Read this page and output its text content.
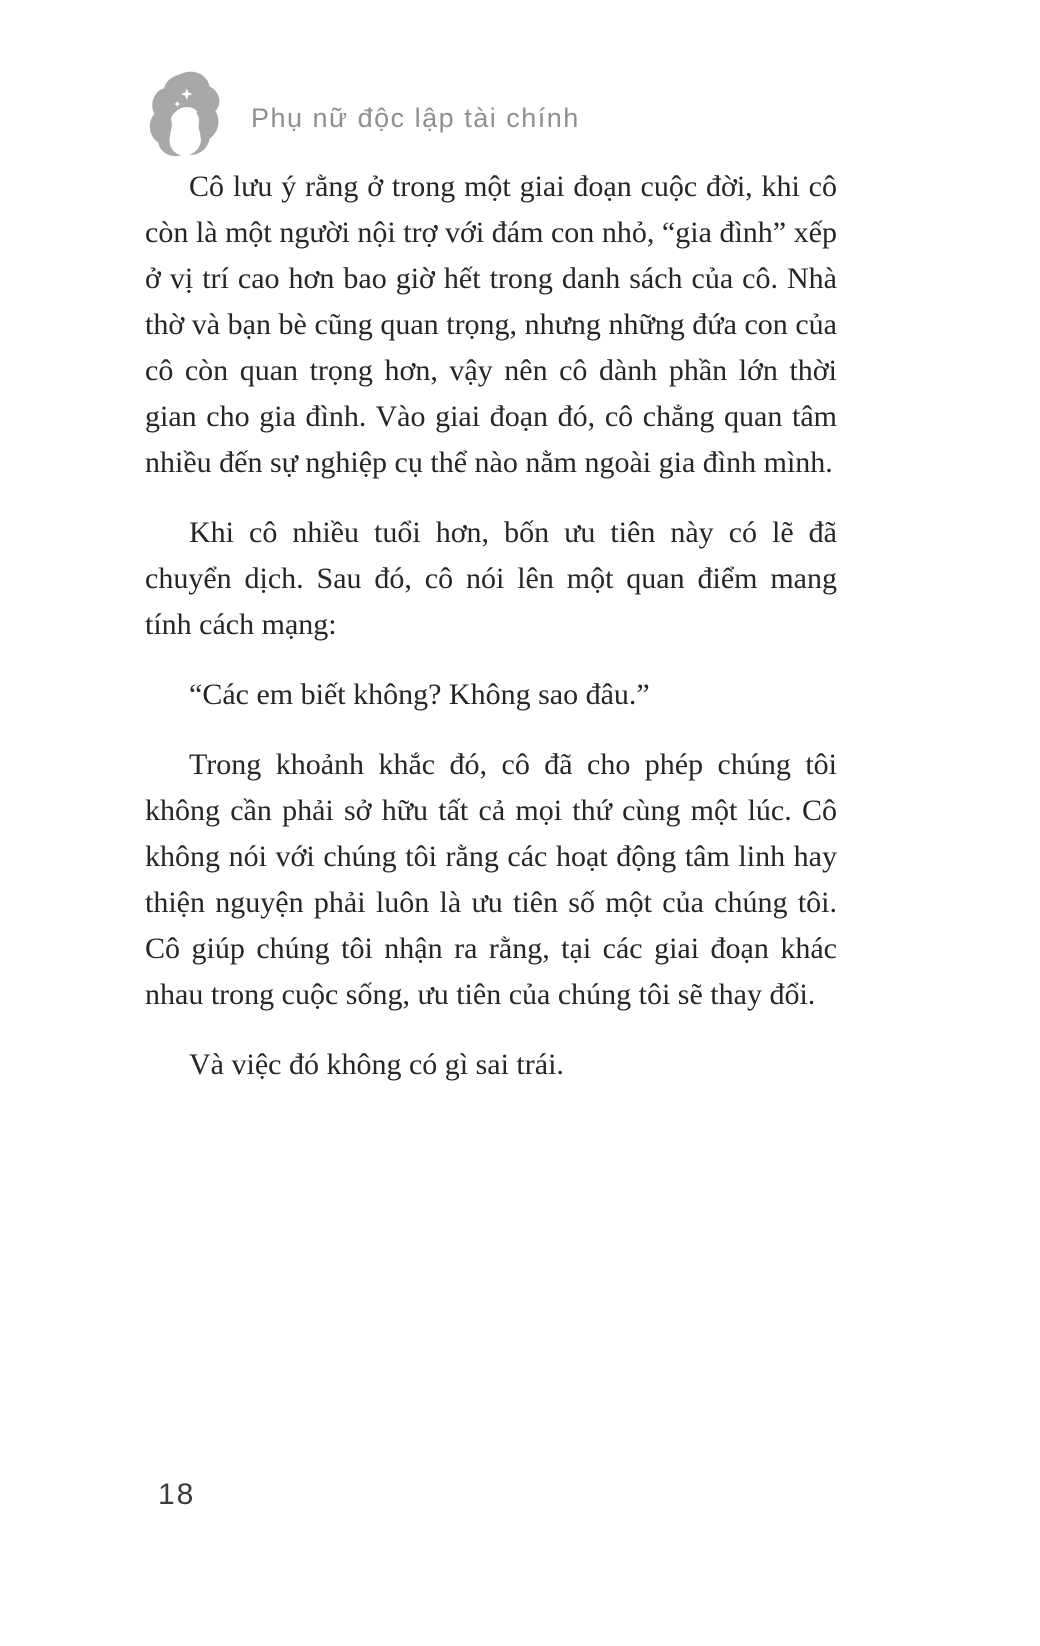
Phụ nữ độc lập tài chính

Cô lưu ý rằng ở trong một giai đoạn cuộc đời, khi cô còn là một người nội trợ với đám con nhỏ, “gia đình” xếp ở vị trí cao hơn bao giờ hết trong danh sách của cô. Nhà thờ và bạn bè cũng quan trọng, nhưng những đứa con của cô còn quan trọng hơn, vậy nên cô dành phần lớn thời gian cho gia đình. Vào giai đoạn đó, cô chẳng quan tâm nhiều đến sự nghiệp cụ thể nào nằm ngoài gia đình mình.

Khi cô nhiều tuổi hơn, bốn ưu tiên này có lẽ đã chuyển dịch. Sau đó, cô nói lên một quan điểm mang tính cách mạng:

“Các em biết không? Không sao đâu.”

Trong khoảnh khắc đó, cô đã cho phép chúng tôi không cần phải sở hữu tất cả mọi thứ cùng một lúc. Cô không nói với chúng tôi rằng các hoạt động tâm linh hay thiện nguyện phải luôn là ưu tiên số một của chúng tôi. Cô giúp chúng tôi nhận ra rằng, tại các giai đoạn khác nhau trong cuộc sống, ưu tiên của chúng tôi sẽ thay đổi.

Và việc đó không có gì sai trái.

18
